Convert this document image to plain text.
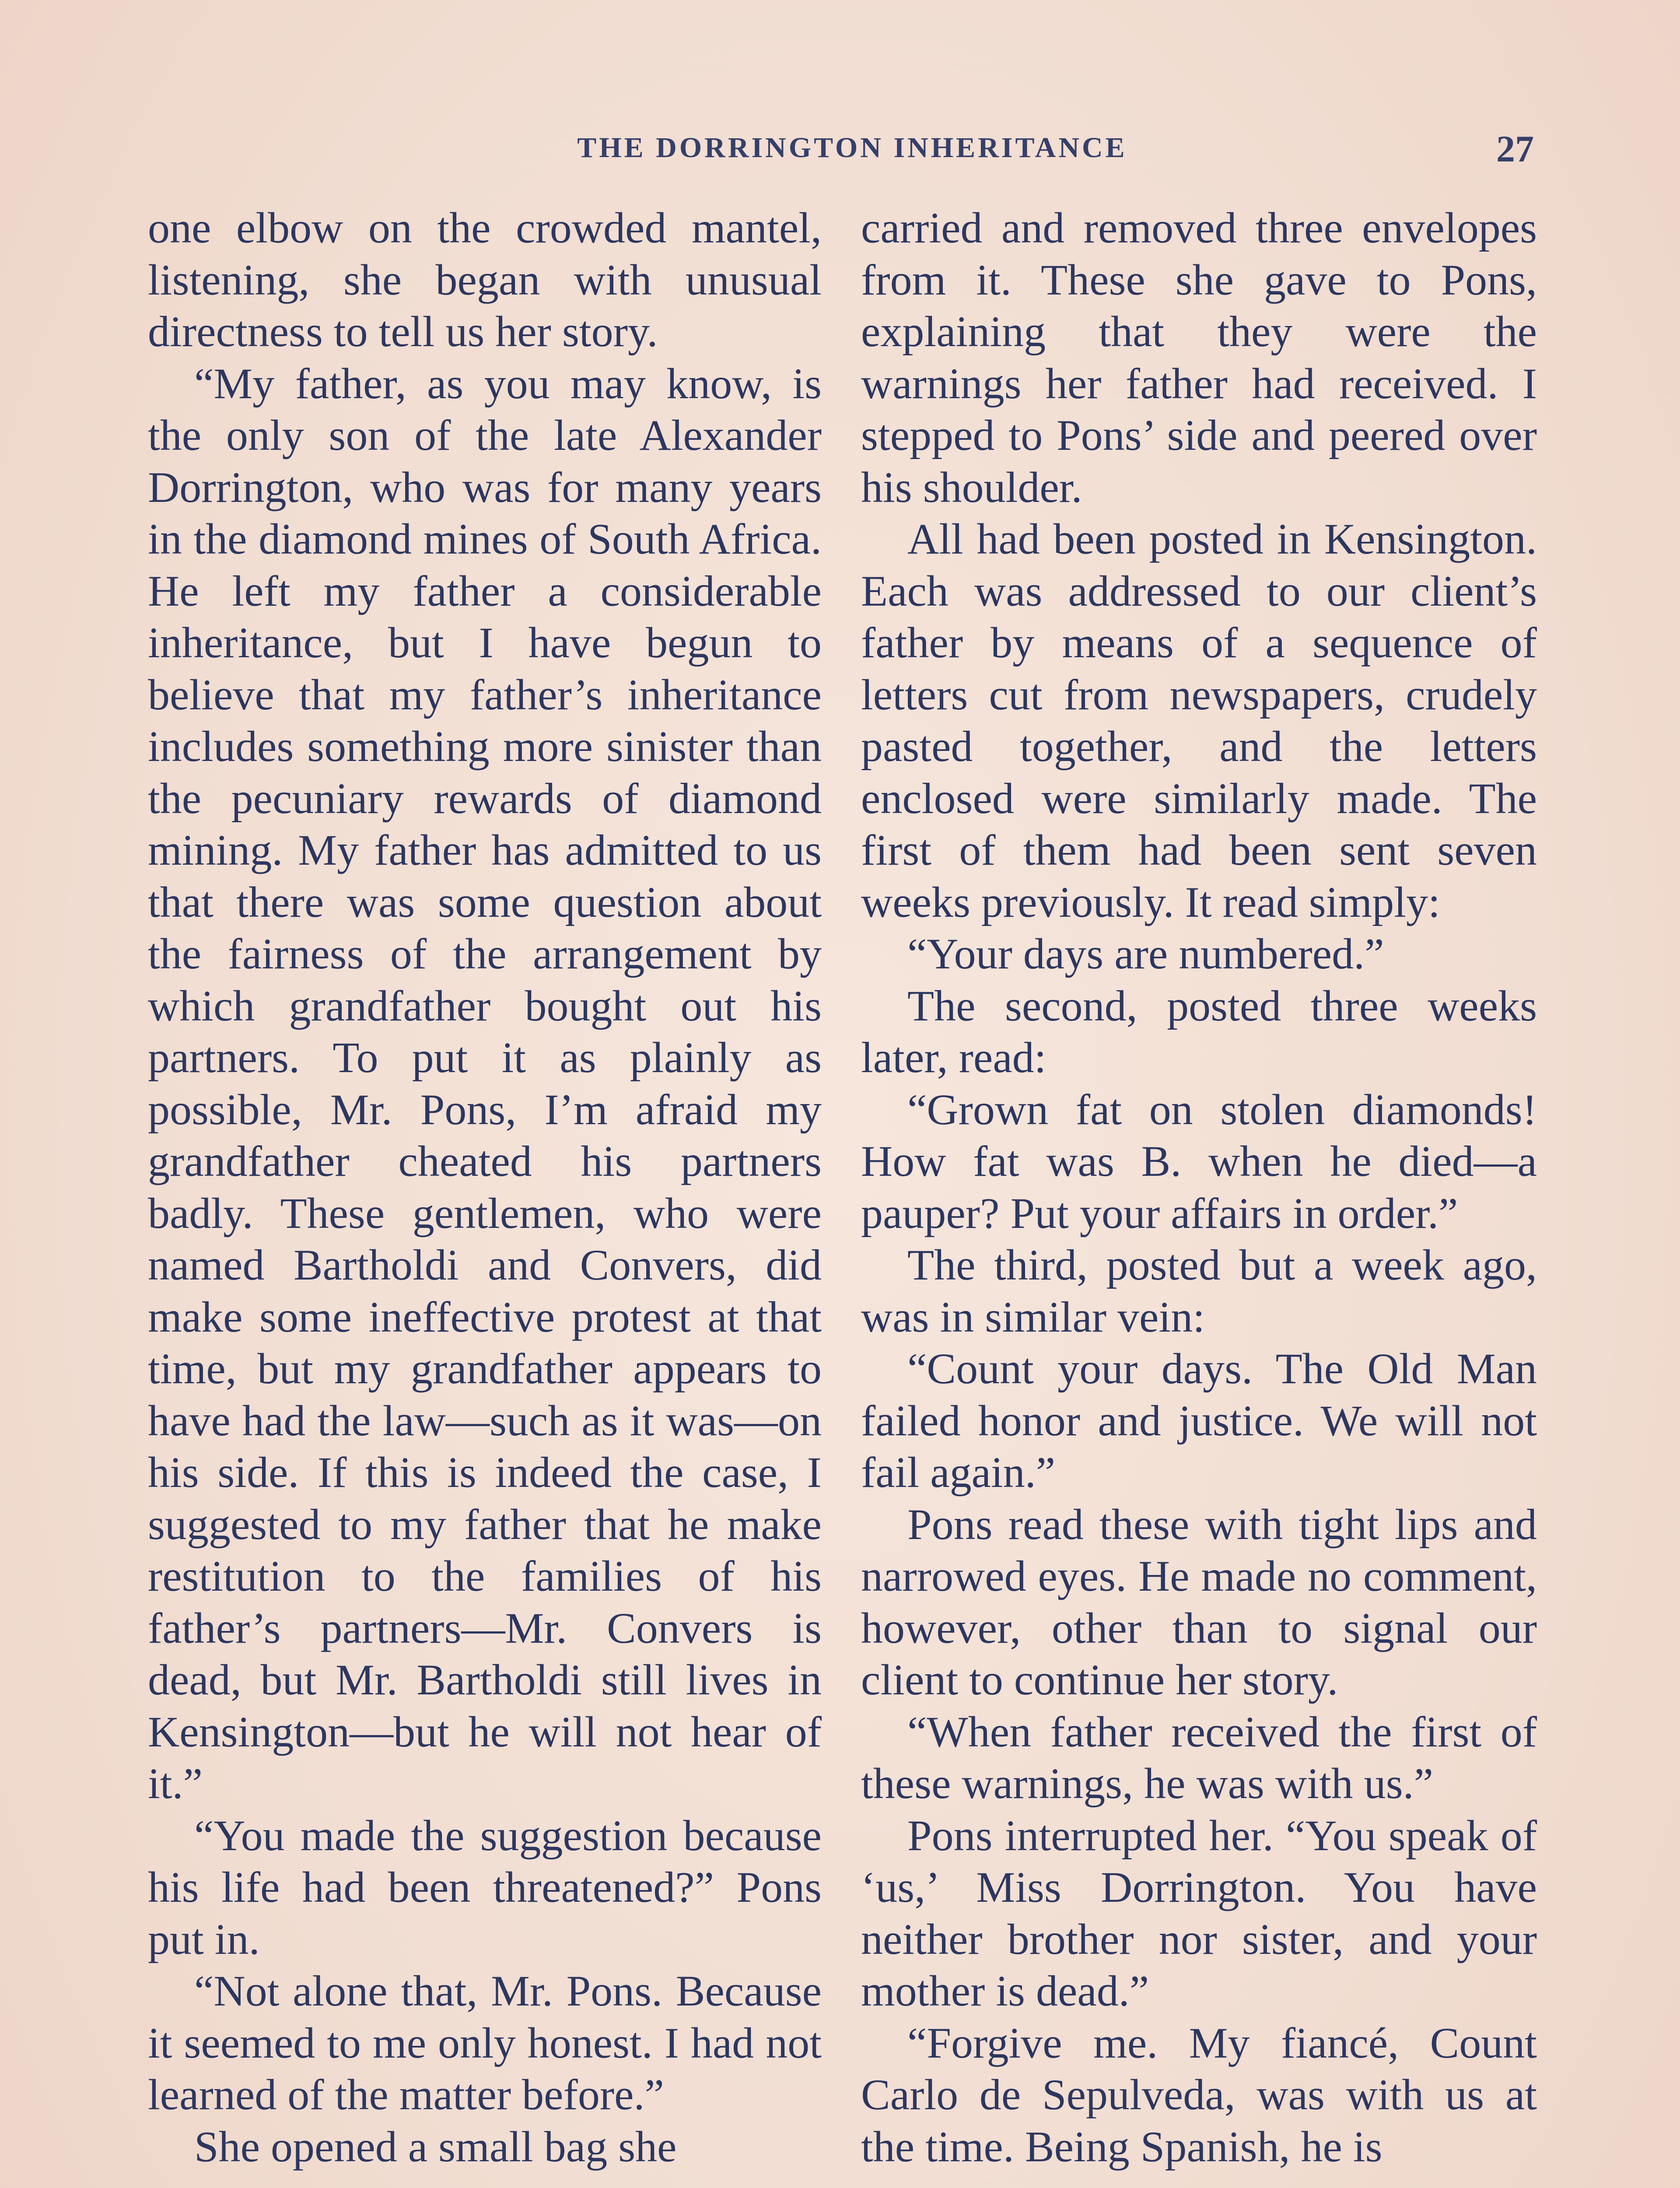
THE DORRINGTON INHERITANCE	27

one elbow on the crowded mantel, listening, she began with unusual directness to tell us her story.

“My father, as you may know, is the only son of the late Alexander Dorrington, who was for many years in the diamond mines of South Africa. He left my father a considerable inheritance, but I have begun to believe that my father’s inheritance includes something more sinister than the pecuniary rewards of diamond mining. My father has admitted to us that there was some question about the fairness of the arrangement by which grandfather bought out his partners. To put it as plainly as possible, Mr. Pons, I’m afraid my grandfather cheated his partners badly. These gentlemen, who were named Bartholdi and Convers, did make some ineffective protest at that time, but my grandfather appears to have had the law—such as it was—on his side. If this is indeed the case, I suggested to my father that he make restitution to the families of his father’s partners—Mr. Convers is dead, but Mr. Bartholdi still lives in Kensington—but he will not hear of it.”

“You made the suggestion because his life had been threatened?” Pons put in.

“Not alone that, Mr. Pons. Because it seemed to me only honest. I had not learned of the matter before.”

She opened a small bag she

carried and removed three envelopes from it. These she gave to Pons, explaining that they were the warnings her father had received. I stepped to Pons’ side and peered over his shoulder.

All had been posted in Kensington. Each was addressed to our client’s father by means of a sequence of letters cut from newspapers, crudely pasted together, and the letters enclosed were similarly made. The first of them had been sent seven weeks previously. It read simply:

“Your days are numbered.”

The second, posted three weeks later, read:

“Grown fat on stolen diamonds! How fat was B. when he died—a pauper? Put your affairs in order.”

The third, posted but a week ago, was in similar vein:

“Count your days. The Old Man failed honor and justice. We will not fail again.”

Pons read these with tight lips and narrowed eyes. He made no comment, however, other than to signal our client to continue her story.

“When father received the first of these warnings, he was with us.”

Pons interrupted her. “You speak of ‘us,’ Miss Dorrington. You have neither brother nor sister, and your mother is dead.”

“Forgive me. My fiancé, Count Carlo de Sepulveda, was with us at the time. Being Spanish, he is
